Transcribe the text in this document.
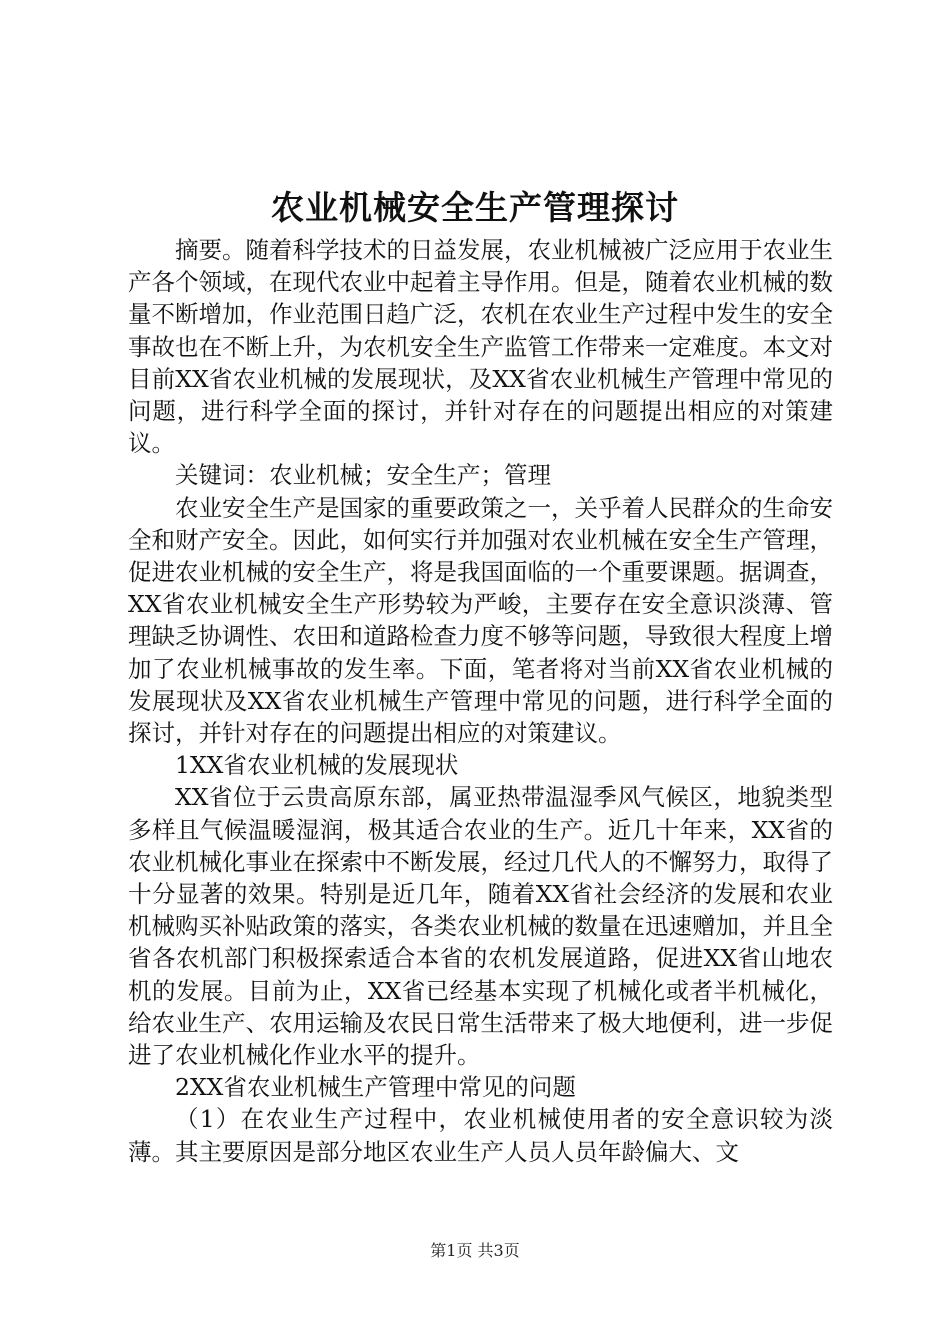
农业机械安全生产管理探讨

摘要。随着科学技术的日益发展，农业机械被广泛应用于农业生产各个领域，在现代农业中起着主导作用。但是，随着农业机械的数量不断增加，作业范围日趋广泛，农机在农业生产过程中发生的安全事故也在不断上升，为农机安全生产监管工作带来一定难度。本文对目前XX省农业机械的发展现状，及XX省农业机械生产管理中常见的问题，进行科学全面的探讨，并针对存在的问题提出相应的对策建议。

关键词：农业机械；安全生产；管理

农业安全生产是国家的重要政策之一，关乎着人民群众的生命安全和财产安全。因此，如何实行并加强对农业机械在安全生产管理，促进农业机械的安全生产，将是我国面临的一个重要课题。据调查，XX省农业机械安全生产形势较为严峻，主要存在安全意识淡薄、管理缺乏协调性、农田和道路检查力度不够等问题，导致很大程度上增加了农业机械事故的发生率。下面，笔者将对当前XX省农业机械的发展现状及XX省农业机械生产管理中常见的问题，进行科学全面的探讨，并针对存在的问题提出相应的对策建议。

1XX省农业机械的发展现状

XX省位于云贵高原东部，属亚热带温湿季风气候区，地貌类型多样且气候温暖湿润，极其适合农业的生产。近几十年来，XX省的农业机械化事业在探索中不断发展，经过几代人的不懈努力，取得了十分显著的效果。特别是近几年，随着XX省社会经济的发展和农业机械购买补贴政策的落实，各类农业机械的数量在迅速赠加，并且全省各农机部门积极探索适合本省的农机发展道路，促进XX省山地农机的发展。目前为止，XX省已经基本实现了机械化或者半机械化，给农业生产、农用运输及农民日常生活带来了极大地便利，进一步促进了农业机械化作业水平的提升。

2XX省农业机械生产管理中常见的问题

（1）在农业生产过程中，农业机械使用者的安全意识较为淡薄。其主要原因是部分地区农业生产人员人员年龄偏大、文

第1页 共3页
